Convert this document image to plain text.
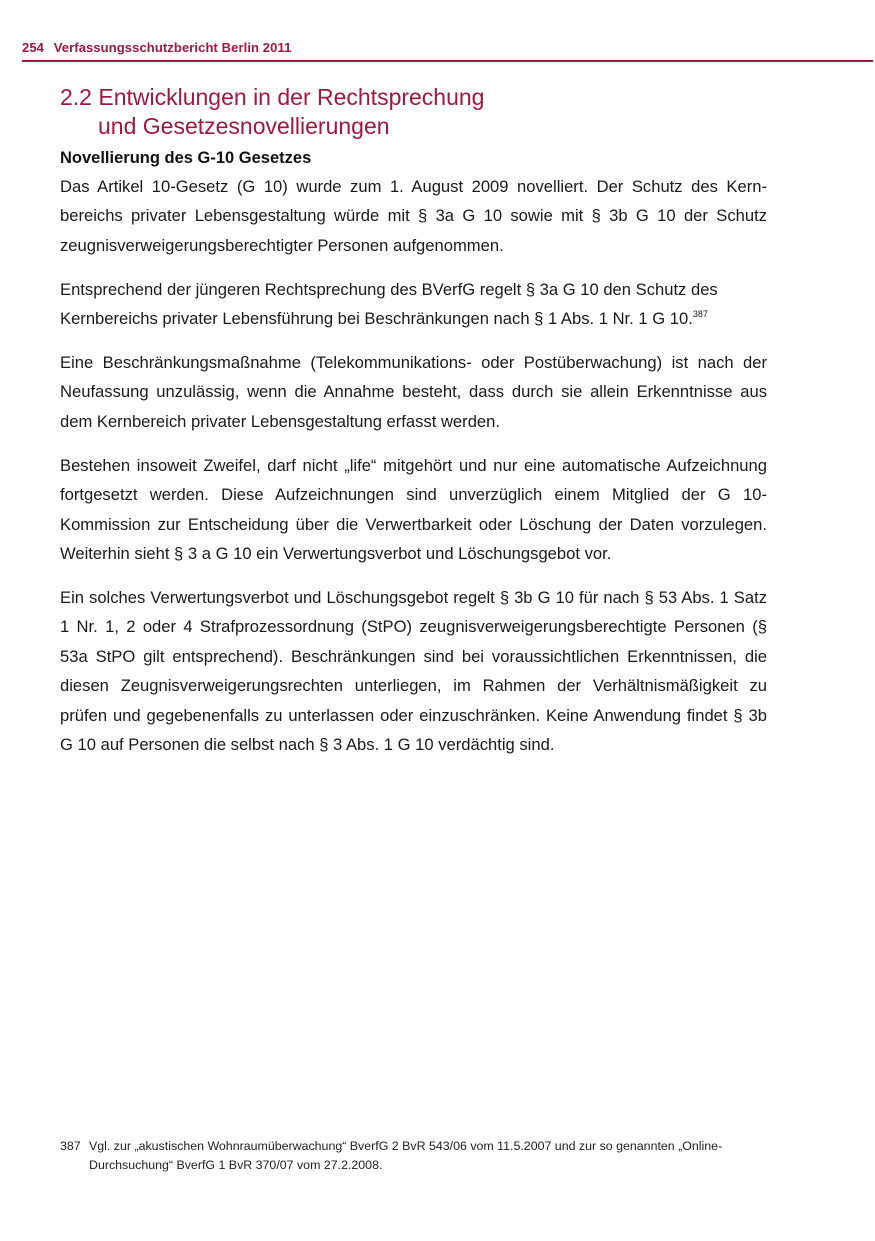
254 Verfassungsschutzbericht Berlin 2011
2.2 Entwicklungen in der Rechtsprechung
und Gesetzesnovellierungen
Novellierung des G-10 Gesetzes

Das Artikel 10-Gesetz (G 10) wurde zum 1. August 2009 novelliert. Der Schutz des Kernbereichs privater Lebensgestaltung würde mit § 3a G 10 sowie mit § 3b G 10 der Schutz zeugnisverweigerungsberechtigter Personen aufgenommen.

Entsprechend der jüngeren Rechtsprechung des BVerfG regelt § 3a G 10 den Schutz des Kernbereichs privater Lebensführung bei Beschränkungen nach § 1 Abs. 1 Nr. 1 G 10.$^{387}$

Eine Beschränkungsmaßnahme (Telekommunikations- oder Postüberwachung) ist nach der Neufassung unzulässig, wenn die Annahme besteht, dass durch sie allein Erkenntnisse aus dem Kernbereich privater Lebensgestaltung erfasst werden.

Bestehen insoweit Zweifel, darf nicht „life“ mitgehört und nur eine automatische Aufzeichnung fortgesetzt werden. Diese Aufzeichnungen sind unverzüglich einem Mitglied der G 10-Kommission zur Entscheidung über die Verwertbarkeit oder Löschung der Daten vorzulegen. Weiterhin sieht § 3 a G 10 ein Verwertungsverbot und Löschungsgebot vor.

Ein solches Verwertungsverbot und Löschungsgebot regelt § 3b G 10 für nach § 53 Abs. 1 Satz 1 Nr. 1, 2 oder 4 Strafprozessordnung (StPO) zeugnisverweigerungsberechtigte Personen (§ 53a StPO gilt entsprechend). Beschränkungen sind bei voraussichtlichen Erkenntnissen, die diesen Zeugnisverweigerungsrechten unterliegen, im Rahmen der Verhältnismäßigkeit zu prüfen und gegebenenfalls zu unterlassen oder einzuschränken. Keine Anwendung findet § 3b G 10 auf Personen die selbst nach § 3 Abs. 1 G 10 verdächtig sind.

387 Vgl. zur „akustischen Wohnraumüberwachung“ BverfG 2 BvR 543/06 vom 11.5.2007 und zur so genannten „Online-Durchsuchung“ BverfG 1 BvR 370/07 vom 27.2.2008.
